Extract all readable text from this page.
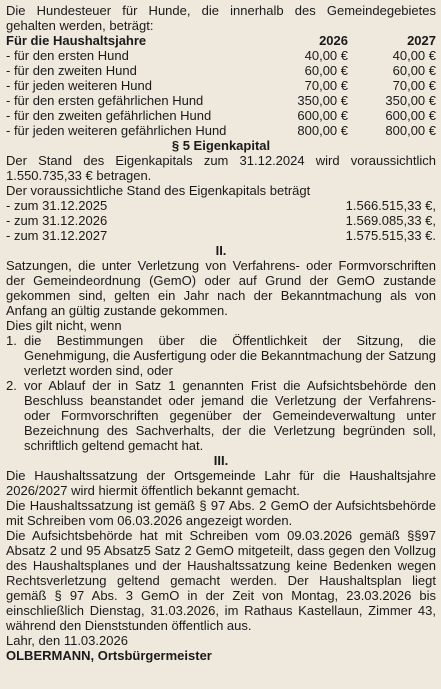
Die Hundesteuer für Hunde, die innerhalb des Gemeindegebietes gehalten werden, beträgt:
Für die Haushaltsjahre	2026	2027
- für den ersten Hund	40,00 €	40,00 €
- für den zweiten Hund	60,00 €	60,00 €
- für jeden weiteren Hund	70,00 €	70,00 €
- für den ersten gefährlichen Hund	350,00 €	350,00 €
- für den zweiten gefährlichen Hund	600,00 €	600,00 €
- für jeden weiteren gefährlichen Hund	800,00 €	800,00 €
§ 5 Eigenkapital
Der Stand des Eigenkapitals zum 31.12.2024 wird voraussichtlich 1.550.735,33 € betragen.
Der voraussichtliche Stand des Eigenkapitals beträgt
- zum 31.12.2025	1.566.515,33 €,
- zum 31.12.2026	1.569.085,33 €,
- zum 31.12.2027	1.575.515,33 €.
II.
Satzungen, die unter Verletzung von Verfahrens- oder Formvorschriften der Gemeindeordnung (GemO) oder auf Grund der GemO zustande gekommen sind, gelten ein Jahr nach der Bekanntmachung als von Anfang an gültig zustande gekommen.
Dies gilt nicht, wenn
1. die Bestimmungen über die Öffentlichkeit der Sitzung, die Genehmigung, die Ausfertigung oder die Bekanntmachung der Satzung verletzt worden sind, oder
2. vor Ablauf der in Satz 1 genannten Frist die Aufsichtsbehörde den Beschluss beanstandet oder jemand die Verletzung der Verfahrens- oder Formvorschriften gegenüber der Gemeindeverwaltung unter Bezeichnung des Sachverhalts, der die Verletzung begründen soll, schriftlich geltend gemacht hat.
III.
Die Haushaltssatzung der Ortsgemeinde Lahr für die Haushaltsjahre 2026/2027 wird hiermit öffentlich bekannt gemacht.
Die Haushaltssatzung ist gemäß § 97 Abs. 2 GemO der Aufsichtsbehörde mit Schreiben vom 06.03.2026 angezeigt worden.
Die Aufsichtsbehörde hat mit Schreiben vom 09.03.2026 gemäß §§97 Absatz 2 und 95 Absatz5 Satz 2 GemO mitgeteilt, dass gegen den Vollzug des Haushaltsplanes und der Haushaltssatzung keine Bedenken wegen Rechtsverletzung geltend gemacht werden. Der Haushaltsplan liegt gemäß § 97 Abs. 3 GemO in der Zeit von Montag, 23.03.2026 bis einschließlich Dienstag, 31.03.2026, im Rathaus Kastellaun, Zimmer 43, während den Dienststunden öffentlich aus.
Lahr, den 11.03.2026
OLBERMANN, Ortsbürgermeister
